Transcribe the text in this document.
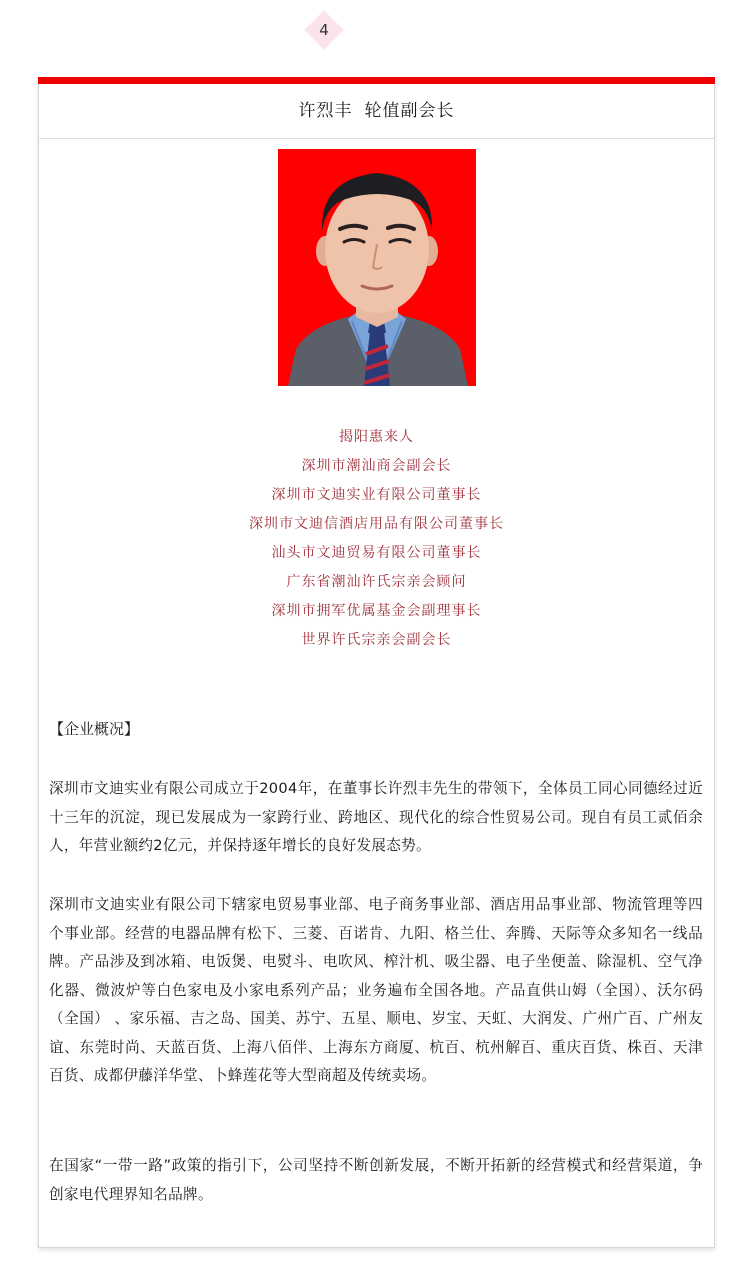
4
许烈丰 轮值副会长
揭阳惠来人
深圳市潮汕商会副会长
深圳市文迪实业有限公司董事长
深圳市文迪信酒店用品有限公司董事长
汕头市文迪贸易有限公司董事长
广东省潮汕许氏宗亲会顾问
深圳市拥军优属基金会副理事长
世界许氏宗亲会副会长
【企业概况】
深圳市文迪实业有限公司成立于2004年，在董事长许烈丰先生的带领下，全体员工同心同德经过近十三年的沉淀，现已发展成为一家跨行业、跨地区、现代化的综合性贸易公司。现自有员工贰佰余人，年营业额约2亿元，并保持逐年增长的良好发展态势。
深圳市文迪实业有限公司下辖家电贸易事业部、电子商务事业部、酒店用品事业部、物流管理等四个事业部。经营的电器品牌有松下、三菱、百诺肯、九阳、格兰仕、奔腾、天际等众多知名一线品牌。产品涉及到冰箱、电饭煲、电熨斗、电吹风、榨汁机、吸尘器、电子坐便盖、除湿机、空气净化器、微波炉等白色家电及小家电系列产品；业务遍布全国各地。产品直供山姆（全国）、沃尔码（全国） 、家乐福、吉之岛、国美、苏宁、五星、顺电、岁宝、天虹、大润发、广州广百、广州友谊、东莞时尚、天蓝百货、上海八佰伴、上海东方商厦、杭百、杭州解百、重庆百货、株百、天津百货、成都伊藤洋华堂、卜蜂莲花等大型商超及传统卖场。
在国家“一带一路”政策的指引下，公司坚持不断创新发展，不断开拓新的经营模式和经营渠道，争创家电代理界知名品牌。
